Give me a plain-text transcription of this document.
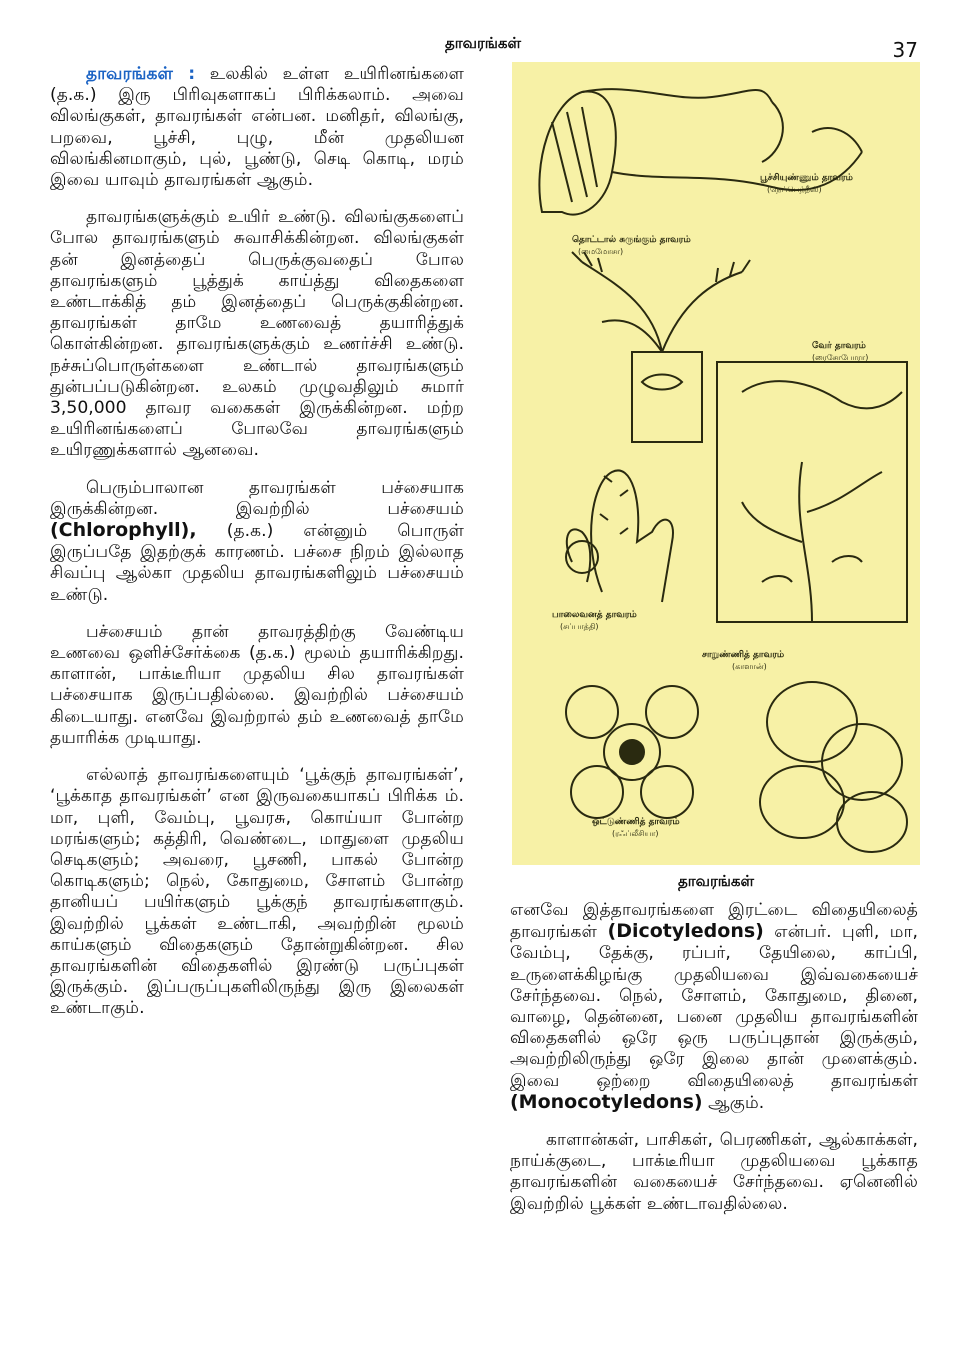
தாவரங்கள்	37

தாவரங்கள் : உலகில் உள்ள உயிரினங்களை (த.க.) இரு பிரிவுகளாகப் பிரிக்கலாம். அவை விலங்குகள், தாவரங்கள் என்பன. மனிதர், விலங்கு, பறவை, பூச்சி, புழு, மீன் முதலியன விலங்கினமாகும், புல், பூண்டு, செடி கொடி, மரம் இவை யாவும் தாவரங்கள் ஆகும்.

தாவரங்களுக்கும் உயிர் உண்டு. விலங்குகளைப் போல தாவரங்களும் சுவாசிக்கின்றன. விலங்குகள் தன் இனத்தைப் பெருக்குவதைப் போல தாவரங்களும் பூத்துக் காய்த்து விதைகளை உண்டாக்கித் தம் இனத்தைப் பெருக்குகின்றன. தாவரங்கள் தாமே உணவைத் தயாரித்துக் கொள்கின்றன. தாவரங்களுக்கும் உணர்ச்சி உண்டு. நச்சுப்பொருள்களை உண்டால் தாவரங்களும் துன்பப்படுகின்றன. உலகம் முழுவதிலும் சுமார் 3,50,000 தாவர வகைகள் இருக்கின்றன. மற்ற உயிரினங்களைப் போலவே தாவரங்களும் உயிரணுக்களால் ஆனவை.

பெரும்பாலான தாவரங்கள் பச்சையாக இருக்கின்றன. இவற்றில் பச்சையம் (Chlorophyll), (த.க.) என்னும் பொருள் இருப்பதே இதற்குக் காரணம். பச்சை நிறம் இல்லாத சிவப்பு ஆல்கா முதலிய தாவரங்களிலும் பச்சையம் உண்டு.

பச்சையம் தான் தாவரத்திற்கு வேண்டிய உணவை ஒளிச்சேர்க்கை (த.க.) மூலம் தயாரிக்கிறது. காளான், பாக்டீரியா முதலிய சில தாவரங்கள் பச்சையாக இருப்பதில்லை. இவற்றில் பச்சையம் கிடையாது. எனவே இவற்றால் தம் உணவைத் தாமே தயாரிக்க முடியாது.

எல்லாத் தாவரங்களையும் ‘பூக்குந் தாவரங்கள்’, ‘பூக்காத தாவரங்கள்’ என இருவகையாகப் பிரிக்க ம். மா, புளி, வேம்பு, பூவரசு, கொய்யா போன்ற மரங்களும்; கத்திரி, வெண்டை, மாதுளை முதலிய செடிகளும்; அவரை, பூசணி, பாகல் போன்ற கொடிகளும்; நெல், கோதுமை, சோளம் போன்ற தானியப் பயிர்களும் பூக்குந் தாவரங்களாகும். இவற்றில் பூக்கள் உண்டாகி, அவற்றின் மூலம் காய்களும் விதைகளும் தோன்றுகின்றன. சில தாவரங்களின் விதைகளில் இரண்டு பருப்புகள் இருக்கும். இப்பருப்புகளிலிருந்து இரு இலைகள் உண்டாகும்.

பூச்சியுண்ணும் தாவரம்
(நெப்பெந்தீஸ்)
தொட்டால் சுருங்கும் தாவரம்
(மைமோசா)
வேர் தாவரம்
(ரைசோபோரா)
பாலைவனத் தாவரம்
(சப்பாத்தி)
சாறுண்ணித் தாவரம்
(காளான்)
ஒட்டுண்ணித் தாவரம்
(ரஃப்லீசியா)
தாவரங்கள்

எனவே இத்தாவரங்களை இரட்டை விதையிலைத் தாவரங்கள் (Dicotyledons) என்பர். புளி, மா, வேம்பு, தேக்கு, ரப்பர், தேயிலை, காப்பி, உருளைக்கிழங்கு முதலியவை இவ்வகையைச் சேர்ந்தவை. நெல், சோளம், கோதுமை, தினை, வாழை, தென்னை, பனை முதலிய தாவரங்களின் விதைகளில் ஒரே ஒரு பருப்புதான் இருக்கும், அவற்றிலிருந்து ஒரே இலை தான் முளைக்கும். இவை ஒற்றை விதையிலைத் தாவரங்கள் (Monocotyledons) ஆகும்.

காளான்கள், பாசிகள், பெரணிகள், ஆல்காக்கள், நாய்க்குடை, பாக்டீரியா முதலியவை பூக்காத தாவரங்களின் வகையைச் சேர்ந்தவை. ஏனெனில் இவற்றில் பூக்கள் உண்டாவதில்லை.
